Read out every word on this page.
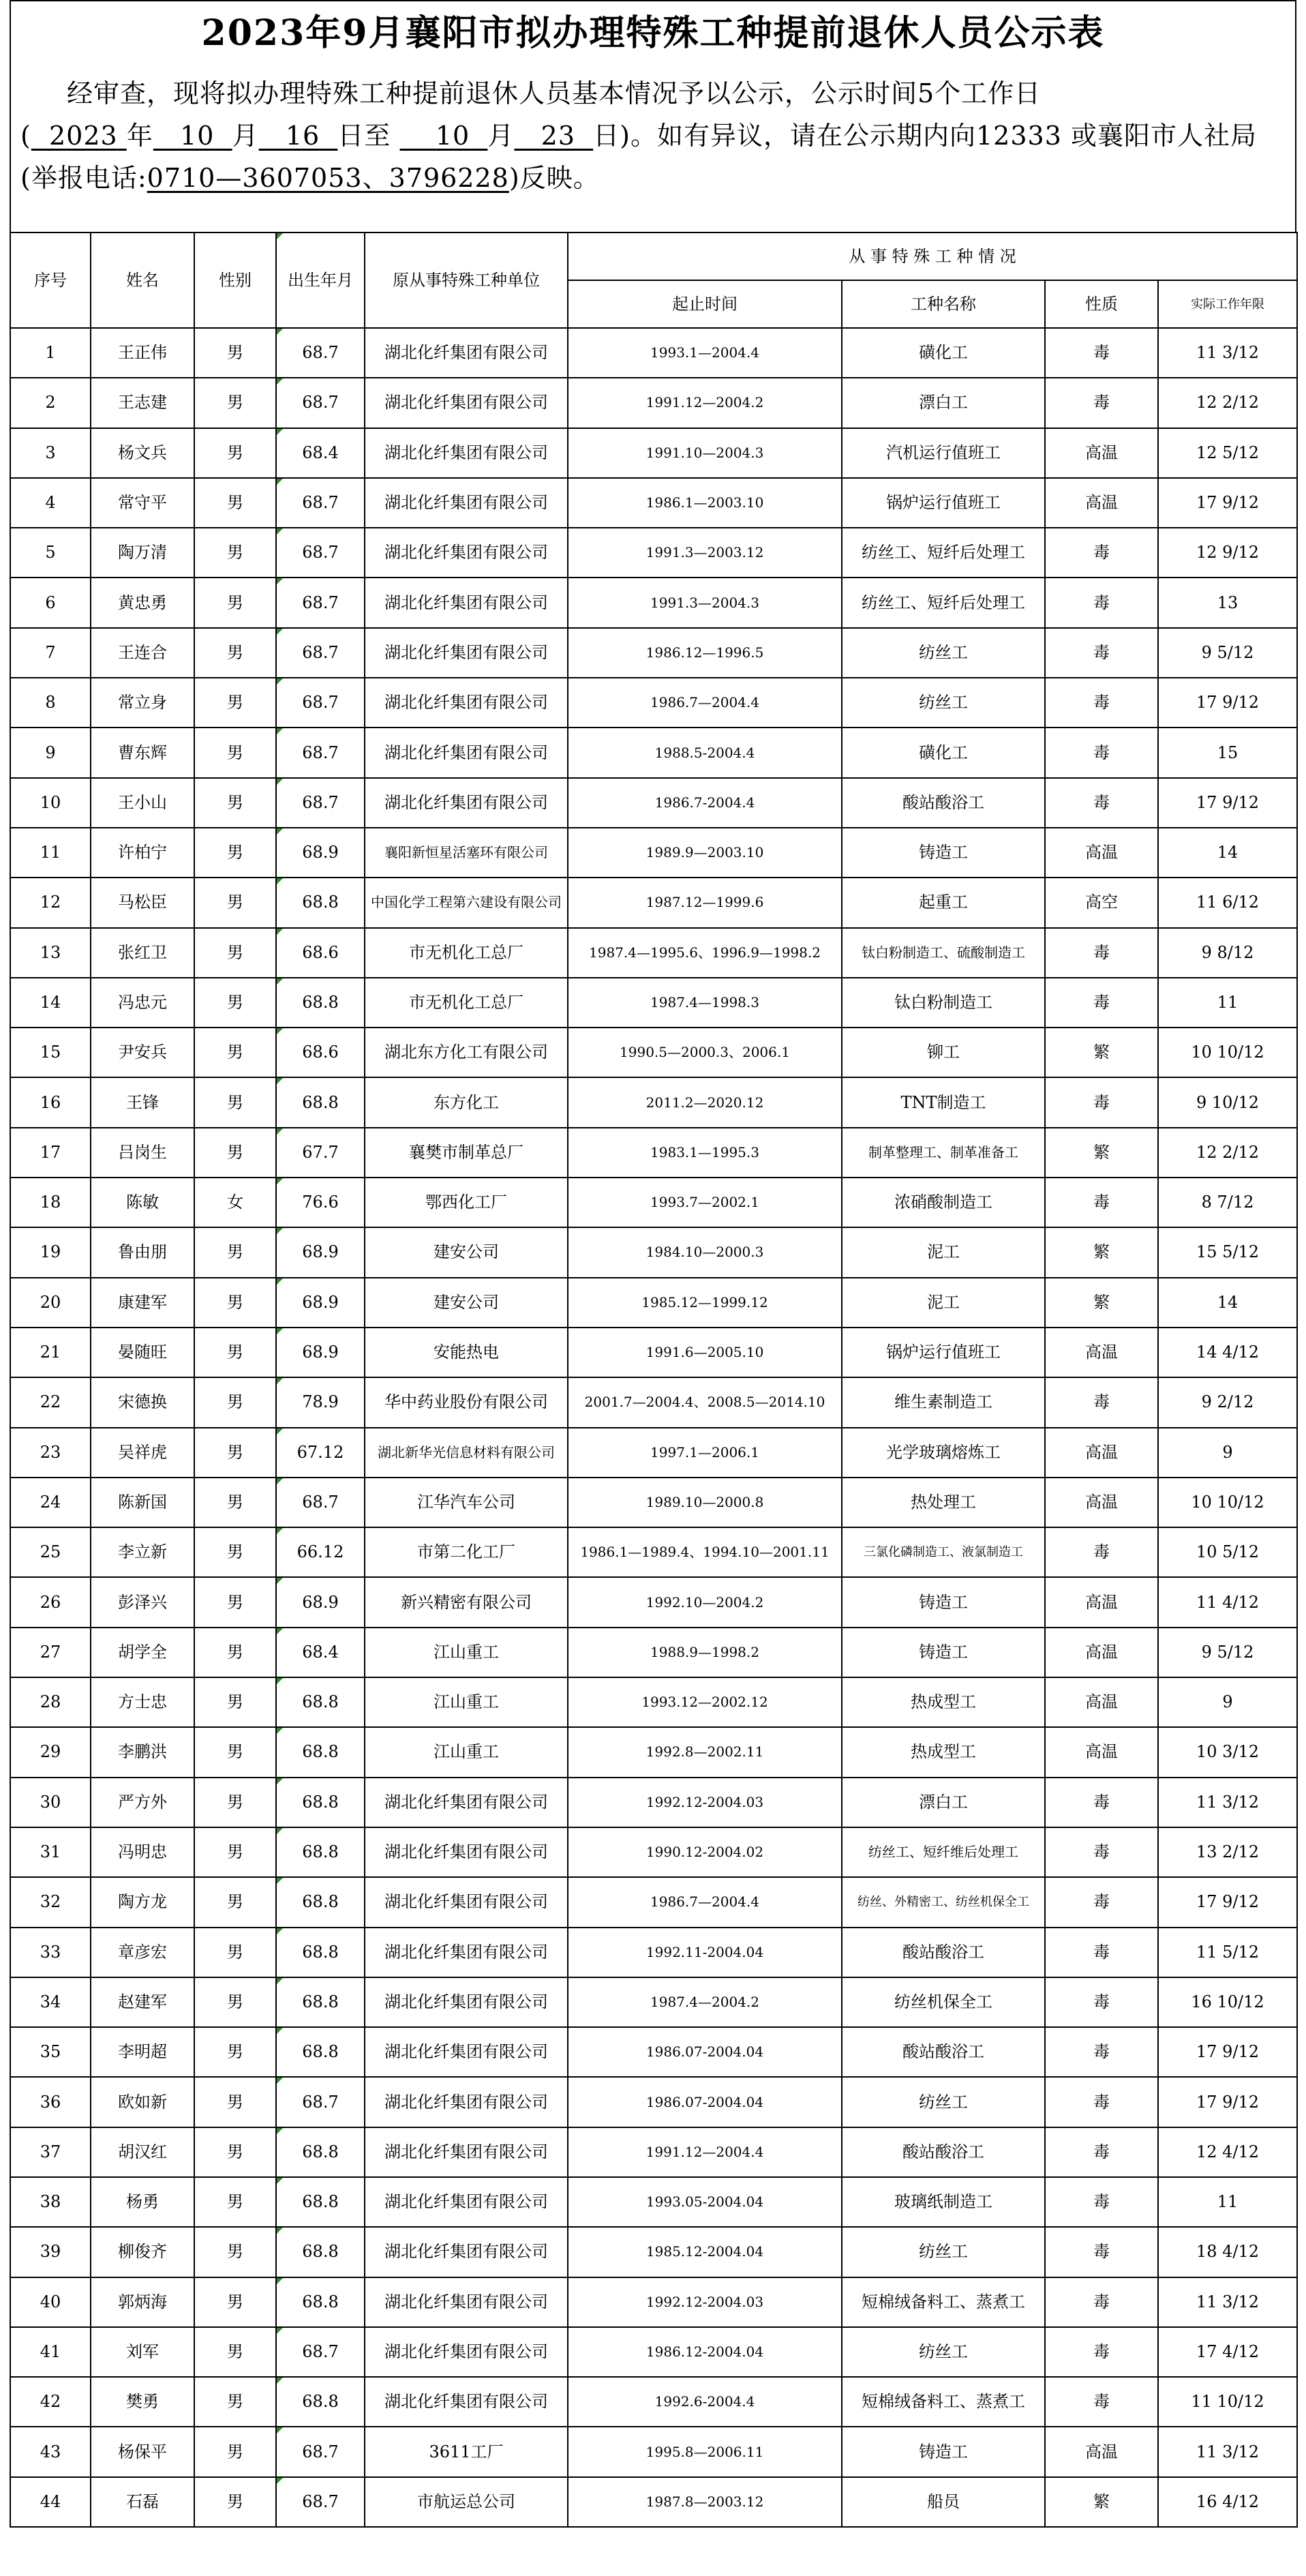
2023年9月襄阳市拟办理特殊工种提前退休人员公示表
经审查，现将拟办理特殊工种提前退休人员基本情况予以公示，公示时间5个工作日( 2023 年 10 月 16 日至 10 月 23 日)。如有异议，请在公示期内向12333 或襄阳市人社局(举报电话:0710—3607053、3796228)反映。
序号	姓名	性别	出生年月	原从事特殊工种单位	从 事 特 殊 工 种 情 况			
					起止时间	工种名称	性质	实际工作年限
1	王正伟	男	68.7	湖北化纤集团有限公司	1993.1—2004.4	磺化工	毒	11 3/12
2	王志建	男	68.7	湖北化纤集团有限公司	1991.12—2004.2	漂白工	毒	12 2/12
3	杨文兵	男	68.4	湖北化纤集团有限公司	1991.10—2004.3	汽机运行值班工	高温	12 5/12
4	常守平	男	68.7	湖北化纤集团有限公司	1986.1—2003.10	锅炉运行值班工	高温	17 9/12
5	陶万清	男	68.7	湖北化纤集团有限公司	1991.3—2003.12	纺丝工、短纤后处理工	毒	12 9/12
6	黄忠勇	男	68.7	湖北化纤集团有限公司	1991.3—2004.3	纺丝工、短纤后处理工	毒	13
7	王连合	男	68.7	湖北化纤集团有限公司	1986.12—1996.5	纺丝工	毒	9 5/12
8	常立身	男	68.7	湖北化纤集团有限公司	1986.7—2004.4	纺丝工	毒	17 9/12
9	曹东辉	男	68.7	湖北化纤集团有限公司	1988.5-2004.4	磺化工	毒	15
10	王小山	男	68.7	湖北化纤集团有限公司	1986.7-2004.4	酸站酸浴工	毒	17 9/12
11	许柏宁	男	68.9	襄阳新恒星活塞环有限公司	1989.9—2003.10	铸造工	高温	14
12	马松臣	男	68.8	中国化学工程第六建设有限公司	1987.12—1999.6	起重工	高空	11 6/12
13	张红卫	男	68.6	市无机化工总厂	1987.4—1995.6、1996.9—1998.2	钛白粉制造工、硫酸制造工	毒	9 8/12
14	冯忠元	男	68.8	市无机化工总厂	1987.4—1998.3	钛白粉制造工	毒	11
15	尹安兵	男	68.6	湖北东方化工有限公司	1990.5—2000.3、2006.1	铆工	繁	10 10/12
16	王锋	男	68.8	东方化工	2011.2—2020.12	TNT制造工	毒	9 10/12
17	吕岗生	男	67.7	襄樊市制革总厂	1983.1—1995.3	制革整理工、制革准备工	繁	12 2/12
18	陈敏	女	76.6	鄂西化工厂	1993.7—2002.1	浓硝酸制造工	毒	8 7/12
19	鲁由朋	男	68.9	建安公司	1984.10—2000.3	泥工	繁	15 5/12
20	康建军	男	68.9	建安公司	1985.12—1999.12	泥工	繁	14
21	晏随旺	男	68.9	安能热电	1991.6—2005.10	锅炉运行值班工	高温	14 4/12
22	宋德换	男	78.9	华中药业股份有限公司	2001.7—2004.4、2008.5—2014.10	维生素制造工	毒	9 2/12
23	吴祥虎	男	67.12	湖北新华光信息材料有限公司	1997.1—2006.1	光学玻璃熔炼工	高温	9
24	陈新国	男	68.7	江华汽车公司	1989.10—2000.8	热处理工	高温	10 10/12
25	李立新	男	66.12	市第二化工厂	1986.1—1989.4、1994.10—2001.11	三氯化磷制造工、液氯制造工	毒	10 5/12
26	彭泽兴	男	68.9	新兴精密有限公司	1992.10—2004.2	铸造工	高温	11 4/12
27	胡学全	男	68.4	江山重工	1988.9—1998.2	铸造工	高温	9 5/12
28	方士忠	男	68.8	江山重工	1993.12—2002.12	热成型工	高温	9
29	李鹏洪	男	68.8	江山重工	1992.8—2002.11	热成型工	高温	10 3/12
30	严方外	男	68.8	湖北化纤集团有限公司	1992.12-2004.03	漂白工	毒	11 3/12
31	冯明忠	男	68.8	湖北化纤集团有限公司	1990.12-2004.02	纺丝工、短纤维后处理工	毒	13 2/12
32	陶方龙	男	68.8	湖北化纤集团有限公司	1986.7—2004.4	纺丝、外精密工、纺丝机保全工	毒	17 9/12
33	章彦宏	男	68.8	湖北化纤集团有限公司	1992.11-2004.04	酸站酸浴工	毒	11 5/12
34	赵建军	男	68.8	湖北化纤集团有限公司	1987.4—2004.2	纺丝机保全工	毒	16 10/12
35	李明超	男	68.8	湖北化纤集团有限公司	1986.07-2004.04	酸站酸浴工	毒	17 9/12
36	欧如新	男	68.7	湖北化纤集团有限公司	1986.07-2004.04	纺丝工	毒	17 9/12
37	胡汉红	男	68.8	湖北化纤集团有限公司	1991.12—2004.4	酸站酸浴工	毒	12 4/12
38	杨勇	男	68.8	湖北化纤集团有限公司	1993.05-2004.04	玻璃纸制造工	毒	11
39	柳俊齐	男	68.8	湖北化纤集团有限公司	1985.12-2004.04	纺丝工	毒	18 4/12
40	郭炳海	男	68.8	湖北化纤集团有限公司	1992.12-2004.03	短棉绒备料工、蒸煮工	毒	11 3/12
41	刘军	男	68.7	湖北化纤集团有限公司	1986.12-2004.04	纺丝工	毒	17 4/12
42	樊勇	男	68.8	湖北化纤集团有限公司	1992.6-2004.4	短棉绒备料工、蒸煮工	毒	11 10/12
43	杨保平	男	68.7	3611工厂	1995.8—2006.11	铸造工	高温	11 3/12
44	石磊	男	68.7	市航运总公司	1987.8—2003.12	船员	繁	16 4/12
